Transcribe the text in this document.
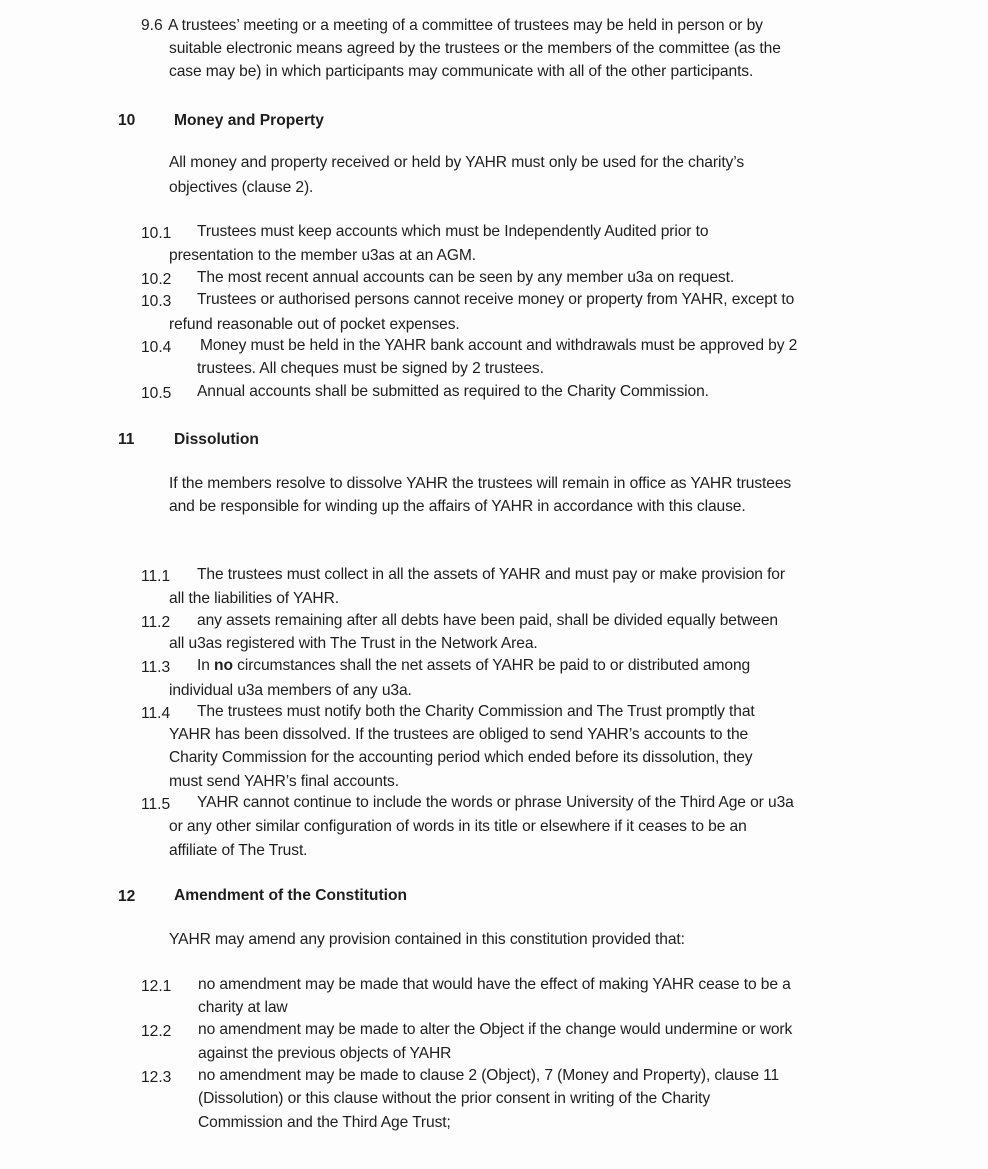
9.6 A trustees’ meeting or a meeting of a committee of trustees may be held in person or by
suitable electronic means agreed by the trustees or the members of the committee (as the
case may be) in which participants may communicate with all of the other participants.
10 Money and Property
All money and property received or held by YAHR must only be used for the charity’s
objectives (clause 2).
10.1 Trustees must keep accounts which must be Independently Audited prior to
presentation to the member u3as at an AGM.
10.2 The most recent annual accounts can be seen by any member u3a on request.
10.3 Trustees or authorised persons cannot receive money or property from YAHR, except to
refund reasonable out of pocket expenses.
10.4 Money must be held in the YAHR bank account and withdrawals must be approved by 2
trustees. All cheques must be signed by 2 trustees.
10.5 Annual accounts shall be submitted as required to the Charity Commission.
11	Dissolution
If the members resolve to dissolve YAHR the trustees will remain in office as YAHR trustees
and be responsible for winding up the affairs of YAHR in accordance with this clause.
11.1 The trustees must collect in all the assets of YAHR and must pay or make provision for
all the liabilities of YAHR.
11.2 any assets remaining after all debts have been paid, shall be divided equally between
all u3as registered with The Trust in the Network Area.
11.3 In no circumstances shall the net assets of YAHR be paid to or distributed among
individual u3a members of any u3a.
11.4 The trustees must notify both the Charity Commission and The Trust promptly that
YAHR has been dissolved. If the trustees are obliged to send YAHR’s accounts to the
Charity Commission for the accounting period which ended before its dissolution, they
must send YAHR’s final accounts.
11.5 YAHR cannot continue to include the words or phrase University of the Third Age or u3a
or any other similar configuration of words in its title or elsewhere if it ceases to be an
affiliate of The Trust.
12 Amendment of the Constitution
YAHR may amend any provision contained in this constitution provided that:
12.1 no amendment may be made that would have the effect of making YAHR cease to be a
charity at law
12.2 no amendment may be made to alter the Object if the change would undermine or work
against the previous objects of YAHR
12.3 no amendment may be made to clause 2 (Object), 7 (Money and Property), clause 11
(Dissolution) or this clause without the prior consent in writing of the Charity
Commission and the Third Age Trust;
